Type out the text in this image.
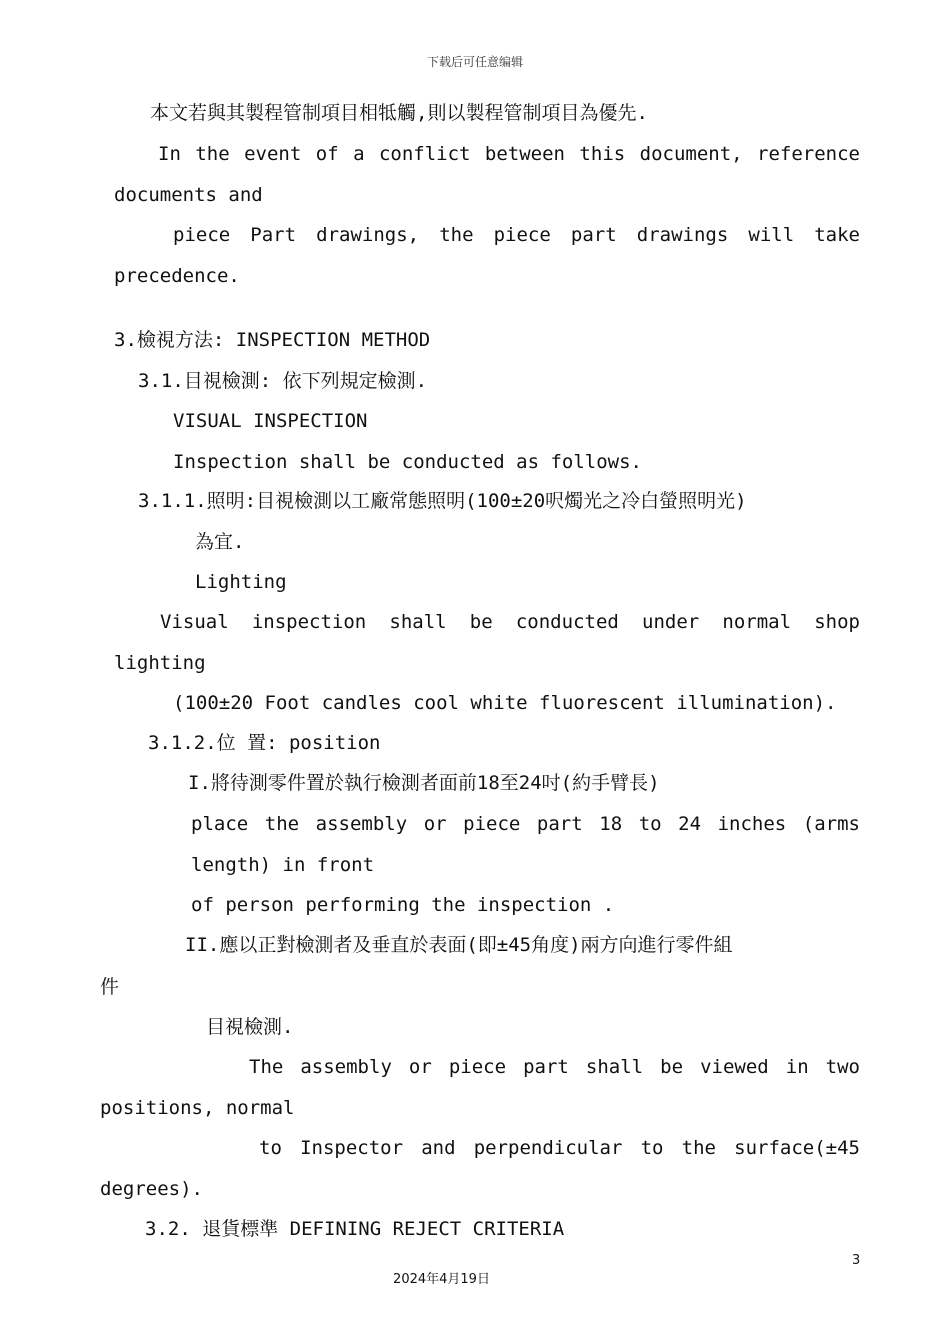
下载后可任意编辑
本文若與其製程管制項目相牴觸,則以製程管制項目為優先.
In the event of a conflict between this document, reference
documents and
piece Part drawings, the piece part drawings will take
precedence.
3.檢視方法: INSPECTION METHOD
3.1.目視檢測: 依下列規定檢測.
VISUAL INSPECTION
Inspection shall be conducted as follows.
3.1.1.照明:目視檢測以工廠常態照明(100±20呎燭光之冷白螢照明光)
為宜.
Lighting
Visual inspection shall be conducted under normal shop
lighting
(100±20 Foot candles cool white fluorescent illumination).
3.1.2.位 置: position
I.將待測零件置於執行檢測者面前18至24吋(約手臂長)
place the assembly or piece part 18 to 24 inches (arms
length) in front
of person performing the inspection .
II.應以正對檢測者及垂直於表面(即±45角度)兩方向進行零件組
件
目視檢測.
The assembly or piece part shall be viewed in two
positions, normal
to Inspector and perpendicular to the surface(±45
degrees).
3.2. 退貨標準 DEFINING REJECT CRITERIA
3
2024年4月19日
